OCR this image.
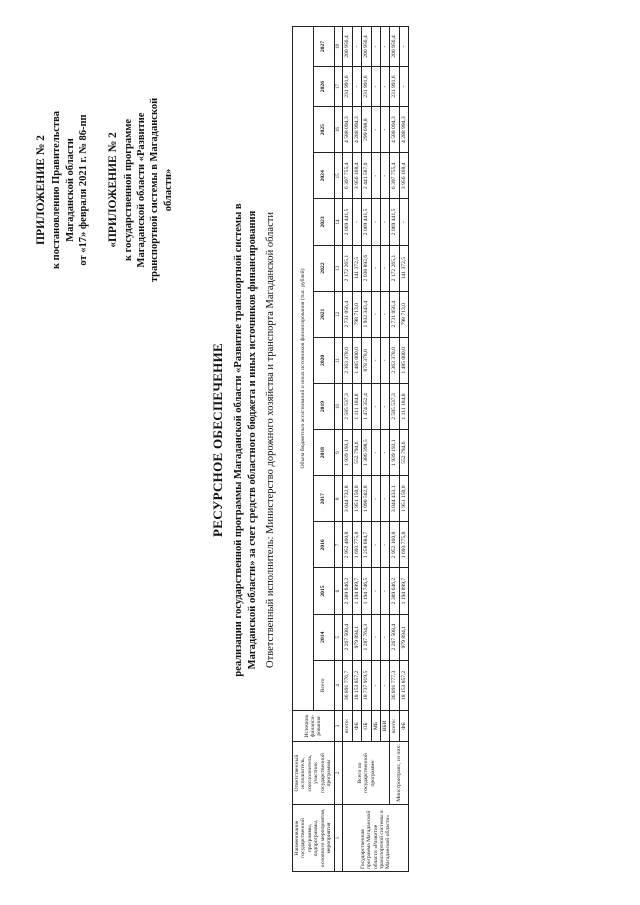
ПРИЛОЖЕНИЕ № 2 к постановлению Правительства Магаданской области от «17» февраля 2021 г. № 86-пп «ПРИЛОЖЕНИЕ № 2 к государственной программе Магаданской области «Развитие транспортной системы в Магаданской области»
РЕСУРСНОЕ ОБЕСПЕЧЕНИЕ реализации государственной программы Магаданской области «Развитие транспортной системы в Магаданской области» за счет средств областного бюджета и иных источников финансирования Ответственный исполнитель: Министерство дорожного хозяйства и транспорта Магаданской области
Наименование государственной программы, подпрограммы, основного мероприятия, мероприятия	Ответственный исполнитель, соисполнитель, участник государственной программы	Источник финанси-рования	Объем бюджетных ассигнований и иных источников финансирования (тыс. рублей)														
			Всего	2014	2015	2016	2017	2018	2019	2020	2021	2022	2023	2024	2025	2026	2027
1	2	3	4	5	6	7	8	9	10	11	12	13	14	15	16	17	18
Государственная программа Магаданской области «Развитие транспортной системы в Магаданской области»	Всего по государственной программе:	всего:	36 891 776,7	2 267 508,4	2 389 646,2	2 952 460,8	3 044 732,8	1 939 193,1	2 585 537,3	2 363 378,0	2 731 056,4	2 172 265,1	2 069 441,5	6 397 755,4	4 588 094,3	231 991,6	200 956,4
		ФБ	18 153 857,2	979 894,1	1 194 899,7	1 693 775,8	1 951 150,0	552 794,6	1 111 184,8	1 485 000,0	798 713,0	141 372,5	-	3 956 168,4	4 288 994,3	-	-
		ОБ	18 737 919,5	1 287 764,3	1 194 746,5	1 258 684,7	1 090 582,8	1 386 398,5	1 474 352,4	878 378,0	1 932 343,4	2 030 892,6	2 069 441,5	2 441 587,0	299 698,8	231 991,6	200 956,4
		МБ	-	-	-	-	-	-	-	-	-	-	-	-	-	-	-
		ВБИ	-	-	-	-	-	-	-	-	-	-	-	-	-	-	-
	Минстроитранс, из них:	всего:	36 891 777,3	2 267 508,4	2 389 646,2	2 952 160,8	3 044 433,1	1 939 193,1	2 585 537,3	2 363 378,0	2 731 056,4	2 172 265,1	2 069 441,5	6 397 755,4	4 588 094,3	231 991,6	200 956,4
		ФБ	18 153 857,2	979 894,1	1 194 899,7	1 693 775,8	1 951 150,0	552 794,6	1 111 184,8	1 485 000,0	798 713,0	141 372,5	-	3 956 168,4	4 288 994,3	-	-
